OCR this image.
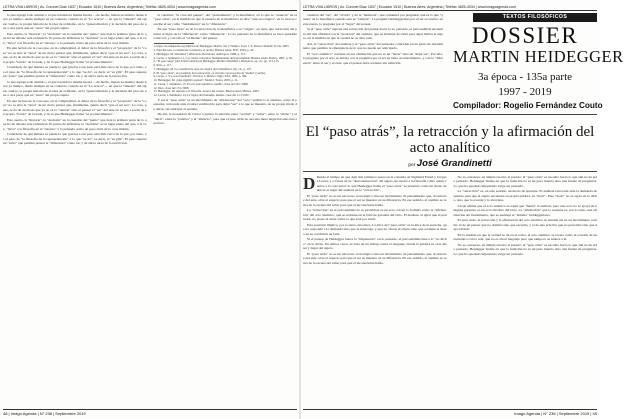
LETRA VIVA LIBROS | Av. Coronel Díaz 1837 | Ecuador 1510 | Buenos Aires, Argentina | Teléfax 4825-4034 | www.imagoagenda.com

lo que agrega todo sentido o el que traslada la misma fuerza —de hecho, llenan su destino desde hace ya tiempo, desde siempre en su contexto, cuando en el "Lo acerca"— en que la "síntesis" del sujeto vuelve, la propia historia de la idea de sí mismo, en la "generalización y la decisión del paso de una a otra parte que en "resto" del propio sujeto.

Esto suelto, la "historia", la "decisión" en la cuestión del "punto" que deja la primera parte de lo que ha de dársele esta existencia. El punto de inflexión, la "decisión" es el lugar pleno del que, a la vez, "lleva" a la filosofía en el "retorno" a lo pensado como un paso atrás de la cosa misma.

En una lectura de la cosa que, en la complejidad, el deber de la filosofía y el "propósito" de la "cosa" no es sino la "tarea" de un cierto pensar que, finalmente, quiere decir "que el ser sea". La cosa, pues, se da de un modo que ya no es la "ciencia" sino el pensar el "ser" del ente en su ser, a partir de su propio "fondo" de la nada, y de lo que Heidegger llama "el acontecimiento".

Considerar de qué manera se puede lo que gracias a ese paso está más cerca de lo que, por tanto, es el paso de "la filosofía de la representación" a lo que "se da", es decir, el "es gibt". El paso supone un "salto" que permite pensar la "diferencia" como tal, y de ahí la tarea de la retracción.

lo que agrega todo sentido o el que traslada la misma fuerza —de hecho, llenan su destino desde hace ya tiempo, desde siempre en su contexto, cuando en el "Lo acerca"— en que la "síntesis" del sujeto vuelve, la propia historia de la idea de sí mismo, en la "generalización y la decisión del paso de una a otra parte que en "resto" del propio sujeto.

En una lectura de la cosa que, en la complejidad, el deber de la filosofía y el "propósito" de la "cosa" no es sino la "tarea" de un cierto pensar que, finalmente, quiere decir "que el ser sea". La cosa, pues, se da de un modo que ya no es la "ciencia" sino el pensar el "ser" del ente en su ser, a partir de su propio "fondo" de la nada, y de lo que Heidegger llama "el acontecimiento".

Esto suelto, la "historia", la "decisión" en la cuestión del "punto" que deja la primera parte de lo que ha de dársele esta existencia. El punto de inflexión, la "decisión" es el lugar pleno del que, a la vez, "lleva" a la filosofía en el "retorno" a lo pensado como un paso atrás de la cosa misma.

Considerar de qué manera se puede lo que gracias a ese paso está más cerca de lo que, por tanto, es el paso de "la filosofía de la representación" a lo que "se da", es decir, el "es gibt". El paso supone un "salto" que permite pensar la "diferencia" como tal, y de ahí la tarea de la retracción.

la cuestión: "la cosa del pensar", del "pensamiento" y la metafísica; en lo que se "anuncia" en el "paso atrás", en la medida en que la esencia de la metafísica se dice "onto-teo-lógica", en la cual se concibe el ser como "fundamento" en la "diferencia".

En ese "paso atrás" se da la retracción de la metafísica a su "origen", en tanto que retracción del pensar al lugar de la "diferencia" como "diferencia". Lo no pensado de la metafísica se hace pensable como tal, y con ello el "sí mismo" del pensar.

1. https://es.wikipedia.org/wiki/Lacan Heidegger, Martin. Ser y Tiempo. Trad. J. E. Rivera. Madrid: Trotta, 2003.
2. Paul Ricoeur, La memoria, la historia, el olvido. Buenos Aires: FCE, 2004, p. 45.
3. Heidegger, M. Identidad y diferencia. Barcelona: Anthropos, 1988, p. 113.
4. Lacan, J. Seminario 11, Los cuatro conceptos fundamentales del psicoanálisis. Buenos Aires: Paidós, 1987, p. 26.
5. "El paso atrás" (der Schritt zurück) en Heidegger, Martin: Identidad y diferencia, op. cit., pp. 113-115.
6. Ibid., p. 117.
7. Heidegger, M. La constitución onto-teo-lógica de la metafísica. Op. cit., p. 107.
8. El "paso atrás", en el sentido de la retracción, se vincula con la noción de "Kehre" (vuelta).
9. Lacan, J. "La cosa freudiana", Escritos 1, México: Siglo XXI, 1984, p. 384.
10. Heidegger, M. ¿Qué significa pensar?, Madrid: Trotta, 2005, p. 21.
11. Lacan, J. Seminario 15, El acto psicoanalítico, inédito, clase del 10/1/1968.
12. Ibid., clase del 17/1/1968.
13. Heidegger, M. Aportes a la filosofía. Acerca del evento. Buenos Aires: Biblos, 2003.
14. Lacan, J. Seminario 14, La lógica del fantasma, inédito, clase del 11/1/1967.

Y así el "paso atrás" es un movimiento de "afirmación" del "acto" analítico: el analista, como el pensador, retrocede ante el saber establecido para dejar "ser" a lo que se muestra, en su propio modo de darse, sin anticipar el sentido.

De ahí, la necesidad de volver a pensar la relación entre "verdad" y "saber", entre lo "dicho" y el "decir", entre la "palabra" y el "silencio", para que el paso atrás no sea una mera negación sino una apertura.

48 | Imago Agenda | N° 236 | Septiembre 2019
LETRA VIVA LIBROS | Av. Coronel Díaz 1837 | Ecuador 1510 | Buenos Aires, Argentina | Teléfax 4825-4034 | www.imagoagenda.com

cuestión del "ser", del "olvido" y de la "memoria", que comienza por preguntar qué es lo que "queda" de la metafísica cuando esta se "cumple". La pregunta heideggeriana por el ser se vuelve, en este punto, la pregunta por el "lugar" del pensar.

Si el "paso atrás" supone una retracción del pensar hacia lo no pensado, el psicoanálisis encuentra allí una afinidad con la "posición" del analista, que se abstiene de saber para dejar hablar al sujeto, en la medida en que la verdad no se dice toda.

Así, la "retracción" del analista y el "paso atrás" del pensador coinciden en un gesto de desasimiento que permite la emergencia de lo que no puede ser anticipado.

El "acto analítico" consiste en esa afirmación que no es un "hacer" sino un "dejar ser". Por ello, la pregunta por el acto se enlaza con la pregunta por el ser en tanto acontecimiento, y con la "diferencia" entre el ser y el ente, que el pensar debe sostener sin reducirla.

TEXTOS FILOSÓFICOS
DOSSIER
MARTIN HEIDEGGER
3a época - 135a parte
1997 - 2019
Compilador: Rogelio Fernández Couto
El “paso atrás”, la retracción y la afirmación del acto analítico
por José Grandinetti

D Desde el tiempo en que dejé mis primeros pasos en la consulta de Sigmund Freud y Jacques Lacan, y a través de su "desconstrucción" del sujeto, he vuelto a la filosofía como quien vuelve a la casa natal: lo que Heidegger llama el "paso atrás" se presentó como un modo de ubicar el lugar del analista en la "retracción".

El "paso atrás" no es un retroceso cronológico sino un movimiento de pensamiento que, al retirarse del ente, abre el espacio para que el ser se muestre en su diferencia. En ese sentido, el analista se retira de la escena del saber para que el inconsciente hable.

La "retracción" en el psicoanálisis no es pasividad: es un acto. Lacan lo formula como la "afirmación" del acto analítico, que se sostiene en la falta de garantía del Otro. El analista, al igual que el pensador, no posee el saber sobre lo que está por venir.

Esta posición implica, por lo tanto, una ética. La ética del "paso atrás" es la ética de la escucha, que no responde a la demanda sino que la interroga, y que no ofrece el objeto sino que sostiene el deseo en su condición de falta.

Si el pensar de Heidegger busca lo "impensado" en lo pensado, el psicoanálisis busca lo "no dicho" en lo dicho. En ambos casos, se trata de un trabajo sobre el lenguaje, donde la palabra es casa del ser y lugar del sujeto.

El "paso atrás" no es un retroceso cronológico sino un movimiento de pensamiento que, al retirarse del ente, abre el espacio para que el ser se muestre en su diferencia. En ese sentido, el analista se retira de la escena del saber para que el inconsciente hable.

No es, entonces, un simple retorno al pasado: el "paso atrás" es un salto hacia lo que aún no ha sido pensado. Heidegger insiste en que la tradición no es un peso muerto sino una fuente de preguntas. Lo que ha quedado impensado exige ser pensado.

La "retracción" es, en este sentido, un modo de apertura. El analista retrocede ante la demanda de sentido para que el sujeto encuentre su propia palabra, su "decir". Este "decir" no se agota en lo dicho, sino que lo excede y lo atraviesa.

Lacan afirma que el acto analítico es aquel que "funda" al analista, pero este acto no se apoya en ninguna garantía: es un acto sin Otro del Otro. La "afirmación" que lo sostiene es, por lo tanto, una afirmación sin fundamento, que se asemeja al "abismo" heideggeriano.

El paso atrás, la retracción y la afirmación del acto analítico se anudan así en un movimiento común: el de un pensar que no domina sino que escucha, y el de una práctica que no prescribe sino que deja advenir.

En la medida en que la verdad se da en el retiro, el acto analítico se revela como la ocasión de un encuentro con lo real, que no es sin el lenguaje pero que tampoco se reduce a él.

No es, entonces, un simple retorno al pasado: el "paso atrás" es un salto hacia lo que aún no ha sido pensado. Heidegger insiste en que la tradición no es un peso muerto sino una fuente de preguntas. Lo que ha quedado impensado exige ser pensado.

Imago Agenda | N° 236 | Septiembre 2019 | 49
